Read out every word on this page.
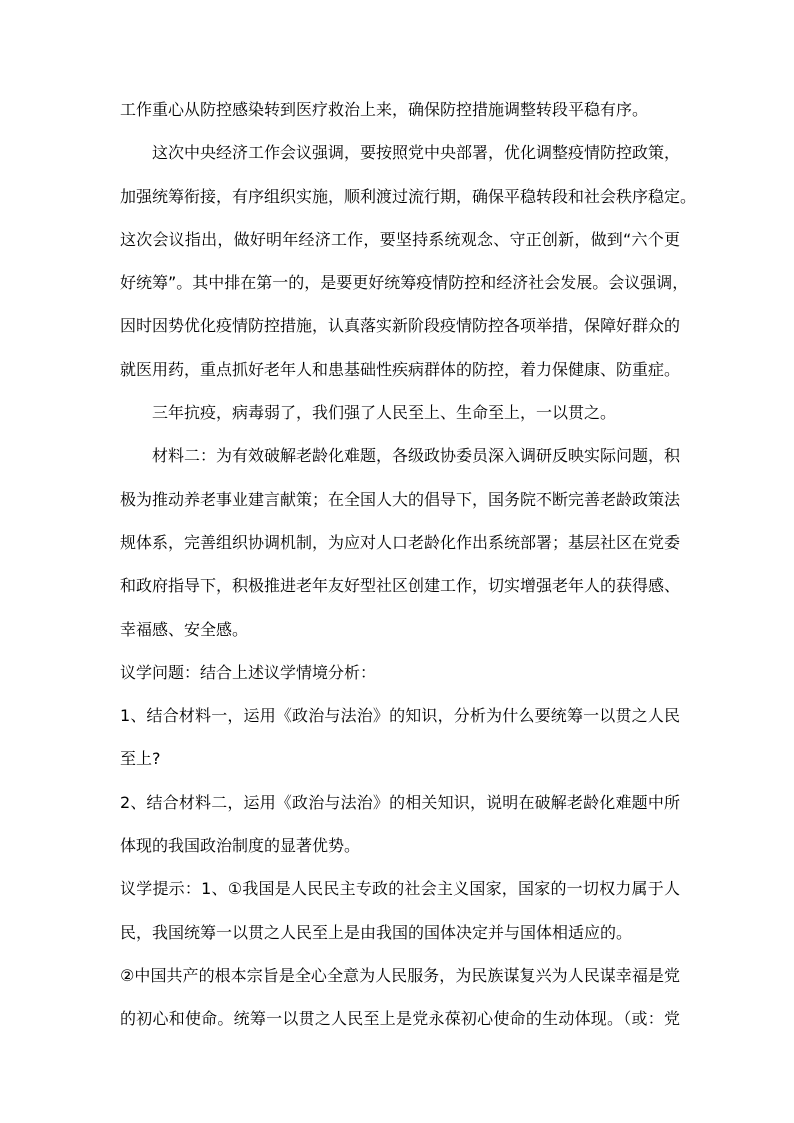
工作重心从防控感染转到医疗救治上来，确保防控措施调整转段平稳有序。
这次中央经济工作会议强调，要按照党中央部署，优化调整疫情防控政策，
加强统筹衔接，有序组织实施，顺利渡过流行期，确保平稳转段和社会秩序稳定。
这次会议指出，做好明年经济工作，要坚持系统观念、守正创新，做到“六个更
好统筹”。其中排在第一的，是要更好统筹疫情防控和经济社会发展。会议强调，
因时因势优化疫情防控措施，认真落实新阶段疫情防控各项举措，保障好群众的
就医用药，重点抓好老年人和患基础性疾病群体的防控，着力保健康、防重症。
三年抗疫，病毒弱了，我们强了人民至上、生命至上，一以贯之。
材料二：为有效破解老龄化难题，各级政协委员深入调研反映实际问题，积
极为推动养老事业建言献策；在全国人大的倡导下，国务院不断完善老龄政策法
规体系，完善组织协调机制，为应对人口老龄化作出系统部署；基层社区在党委
和政府指导下，积极推进老年友好型社区创建工作，切实增强老年人的获得感、
幸福感、安全感。
议学问题：结合上述议学情境分析：
1、结合材料一，运用《政治与法治》的知识，分析为什么要统筹一以贯之人民
至上?
2、结合材料二，运用《政治与法治》的相关知识，说明在破解老龄化难题中所
体现的我国政治制度的显著优势。
议学提示：1、①我国是人民民主专政的社会主义国家，国家的一切权力属于人
民，我国统筹一以贯之人民至上是由我国的国体决定并与国体相适应的。
②中国共产的根本宗旨是全心全意为人民服务，为民族谋复兴为人民谋幸福是党
的初心和使命。统筹一以贯之人民至上是党永葆初心使命的生动体现。（或：党
